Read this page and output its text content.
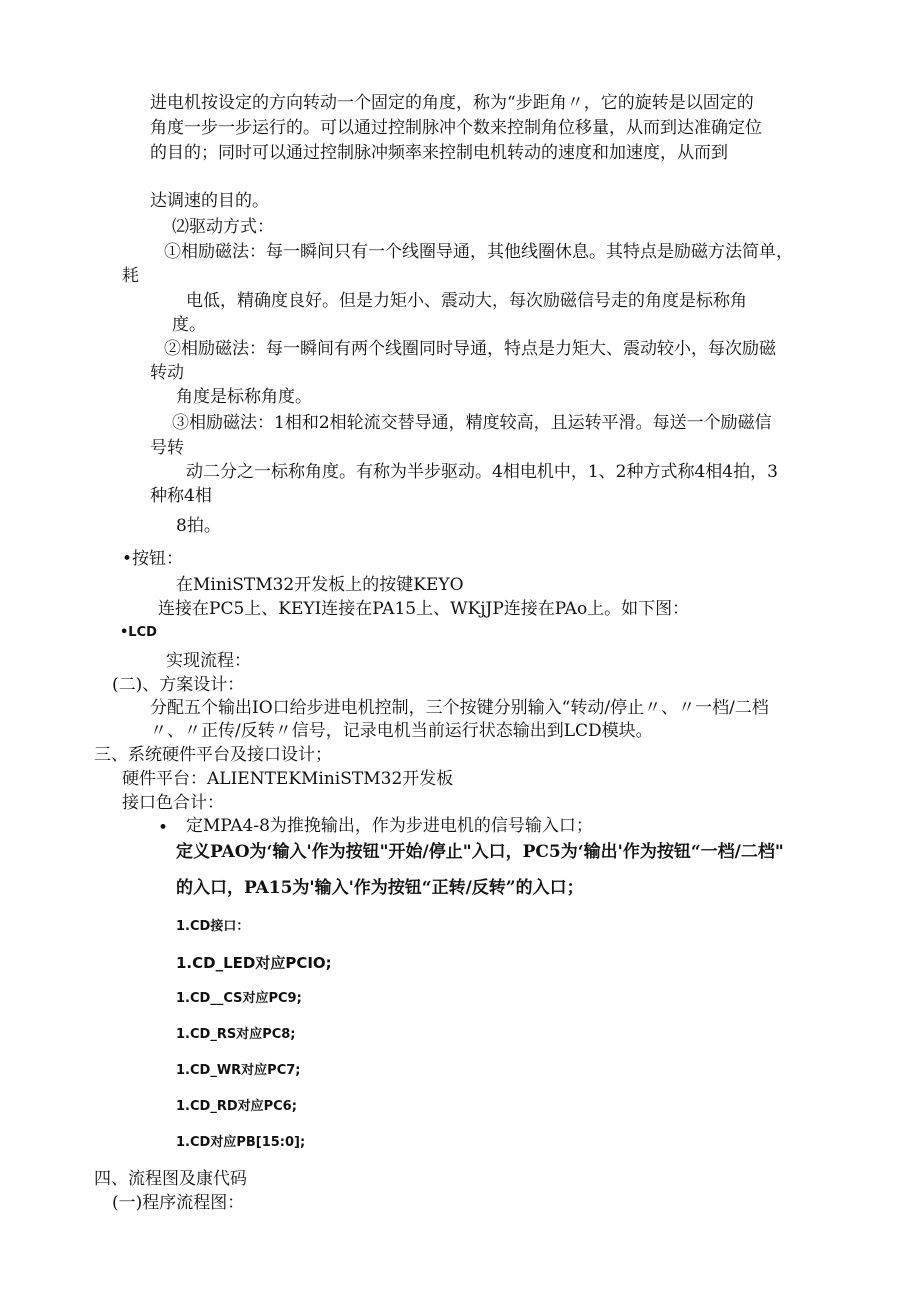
进电机按设定的方向转动一个固定的角度，称为“步距角〃，它的旋转是以固定的
角度一步一步运行的。可以通过控制脉冲个数来控制角位移量，从而到达准确定位
的目的；同时可以通过控制脉冲频率来控制电机转动的速度和加速度，从而到
达调速的目的。
⑵驱动方式：
①相励磁法：每一瞬间只有一个线圈导通，其他线圈休息。其特点是励磁方法简单，
耗
电低，精确度良好。但是力矩小、震动大，每次励磁信号走的角度是标称角
度。
②相励磁法：每一瞬间有两个线圈同时导通，特点是力矩大、震动较小，每次励磁
转动
角度是标称角度。
③相励磁法：1相和2相轮流交替导通，精度较高，且运转平滑。每送一个励磁信
号转
动二分之一标称角度。有称为半步驱动。4相电机中，1、2种方式称4相4拍，3
种称4相
8拍。
•按钮：
在MiniSTM32开发板上的按键KEYO
连接在PC5上、KEYI连接在PA15上、WKjJP连接在PAo上。如下图：
•LCD
实现流程：
(二)、方案设计：
分配五个输出IO口给步进电机控制，三个按键分别输入“转动/停止〃、〃一档/二档
〃、〃正传/反转〃信号，记录电机当前运行状态输出到LCD模块。
三、系统硬件平台及接口设计；
硬件平台：ALIENTEKMiniSTM32开发板
接口色合计：
• 定MPA4-8为推挽输出，作为步进电机的信号输入口；
定义PAO为‘输入'作为按钮"开始/停止"入口，PC5为‘输出'作为按钮“一档/二档"
的入口，PA15为'输入'作为按钮“正转/反转”的入口；
1.CD接口：
1.CD_LED对应PCIO;
1.CD__CS对应PC9;
1.CD_RS对应PC8;
1.CD_WR对应PC7;
1.CD_RD对应PC6;
1.CD对应PB[15:0];
四、流程图及康代码
(一)程序流程图：
